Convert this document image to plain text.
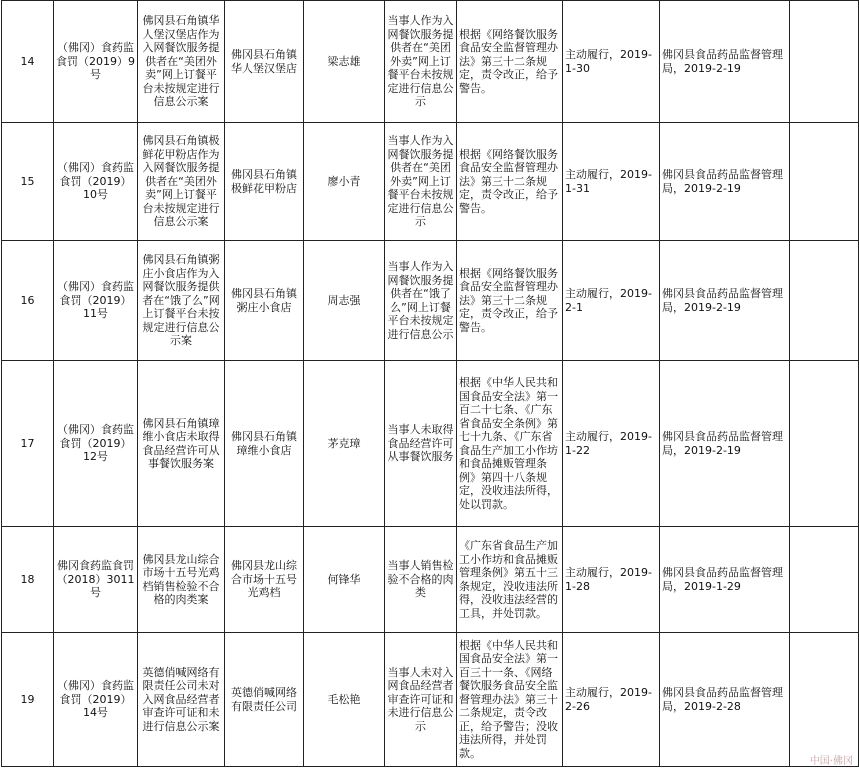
14	（佛冈）食药监食罚（2019）9号	佛冈县石角镇华人堡汉堡店作为入网餐饮服务提供者在“美团外卖”网上订餐平台未按规定进行信息公示案	佛冈县石角镇华人堡汉堡店	梁志雄	当事人作为入网餐饮服务提供者在“美团外卖”网上订餐平台未按规定进行信息公示	根据《网络餐饮服务食品安全监督管理办法》第三十二条规定，责令改正，给予警告。	主动履行，2019-1-30	佛冈县食品药品监督管理局，2019-2-19	
15	（佛冈）食药监食罚（2019）10号	佛冈县石角镇极鲜花甲粉店作为入网餐饮服务提供者在“美团外卖”网上订餐平台未按规定进行信息公示案	佛冈县石角镇极鲜花甲粉店	廖小青	当事人作为入网餐饮服务提供者在“美团外卖”网上订餐平台未按规定进行信息公示	根据《网络餐饮服务食品安全监督管理办法》第三十二条规定，责令改正，给予警告。	主动履行，2019-1-31	佛冈县食品药品监督管理局，2019-2-19	
16	（佛冈）食药监食罚（2019）11号	佛冈县石角镇粥庄小食店作为入网餐饮服务提供者在“饿了么”网上订餐平台未按规定进行信息公示案	佛冈县石角镇粥庄小食店	周志强	当事人作为入网餐饮服务提供者在“饿了么”网上订餐平台未按规定进行信息公示	根据《网络餐饮服务食品安全监督管理办法》第三十二条规定，责令改正，给予警告。	主动履行，2019-2-1	佛冈县食品药品监督管理局，2019-2-19	
17	（佛冈）食药监食罚（2019）12号	佛冈县石角镇璋维小食店未取得食品经营许可从事餐饮服务案	佛冈县石角镇璋维小食店	茅克璋	当事人未取得食品经营许可从事餐饮服务	根据《中华人民共和国食品安全法》第一百二十七条、《广东省食品安全条例》第七十九条、《广东省食品生产加工小作坊和食品摊贩管理条例》第四十八条规定，没收违法所得，处以罚款。	主动履行，2019-1-22	佛冈县食品药品监督管理局，2019-2-19	
18	佛冈食药监食罚（2018）3011号	佛冈县龙山综合市场十五号光鸡档销售检验不合格的肉类案	佛冈县龙山综合市场十五号光鸡档	何锋华	当事人销售检验不合格的肉类	《广东省食品生产加工小作坊和食品摊贩管理条例》第五十三条规定，没收违法所得，没收违法经营的工具，并处罚款。	主动履行，2019-1-28	佛冈县食品药品监督管理局，2019-1-29	
19	（佛冈）食药监食罚（2019）14号	英德俏喊网络有限责任公司未对入网食品经营者审查许可证和未进行信息公示案	英德俏喊网络有限责任公司	毛松艳	当事人未对入网食品经营者审查许可证和未进行信息公示	根据《中华人民共和国食品安全法》第一百三十一条、《网络餐饮服务食品安全监督管理办法》第三十二条规定，责令改正，给予警告；没收违法所得，并处罚款。	主动履行，2019-2-26	佛冈县食品药品监督管理局，2019-2-28	
中国·佛冈
